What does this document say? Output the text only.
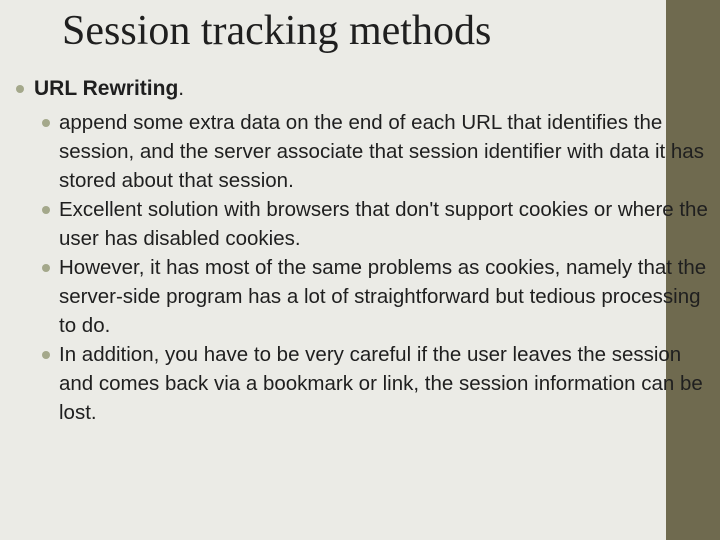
Session tracking methods
URL Rewriting.
append some extra data on the end of each URL that identifies the session, and the server associate that session identifier with data it has stored about that session.
Excellent solution with browsers that don't support cookies or where the user has disabled cookies.
However, it has most of the same problems as cookies, namely that the server-side program has a lot of straightforward but tedious processing to do.
In addition, you have to be very careful if the user leaves the session and comes back via a bookmark or link, the session information can be lost.
